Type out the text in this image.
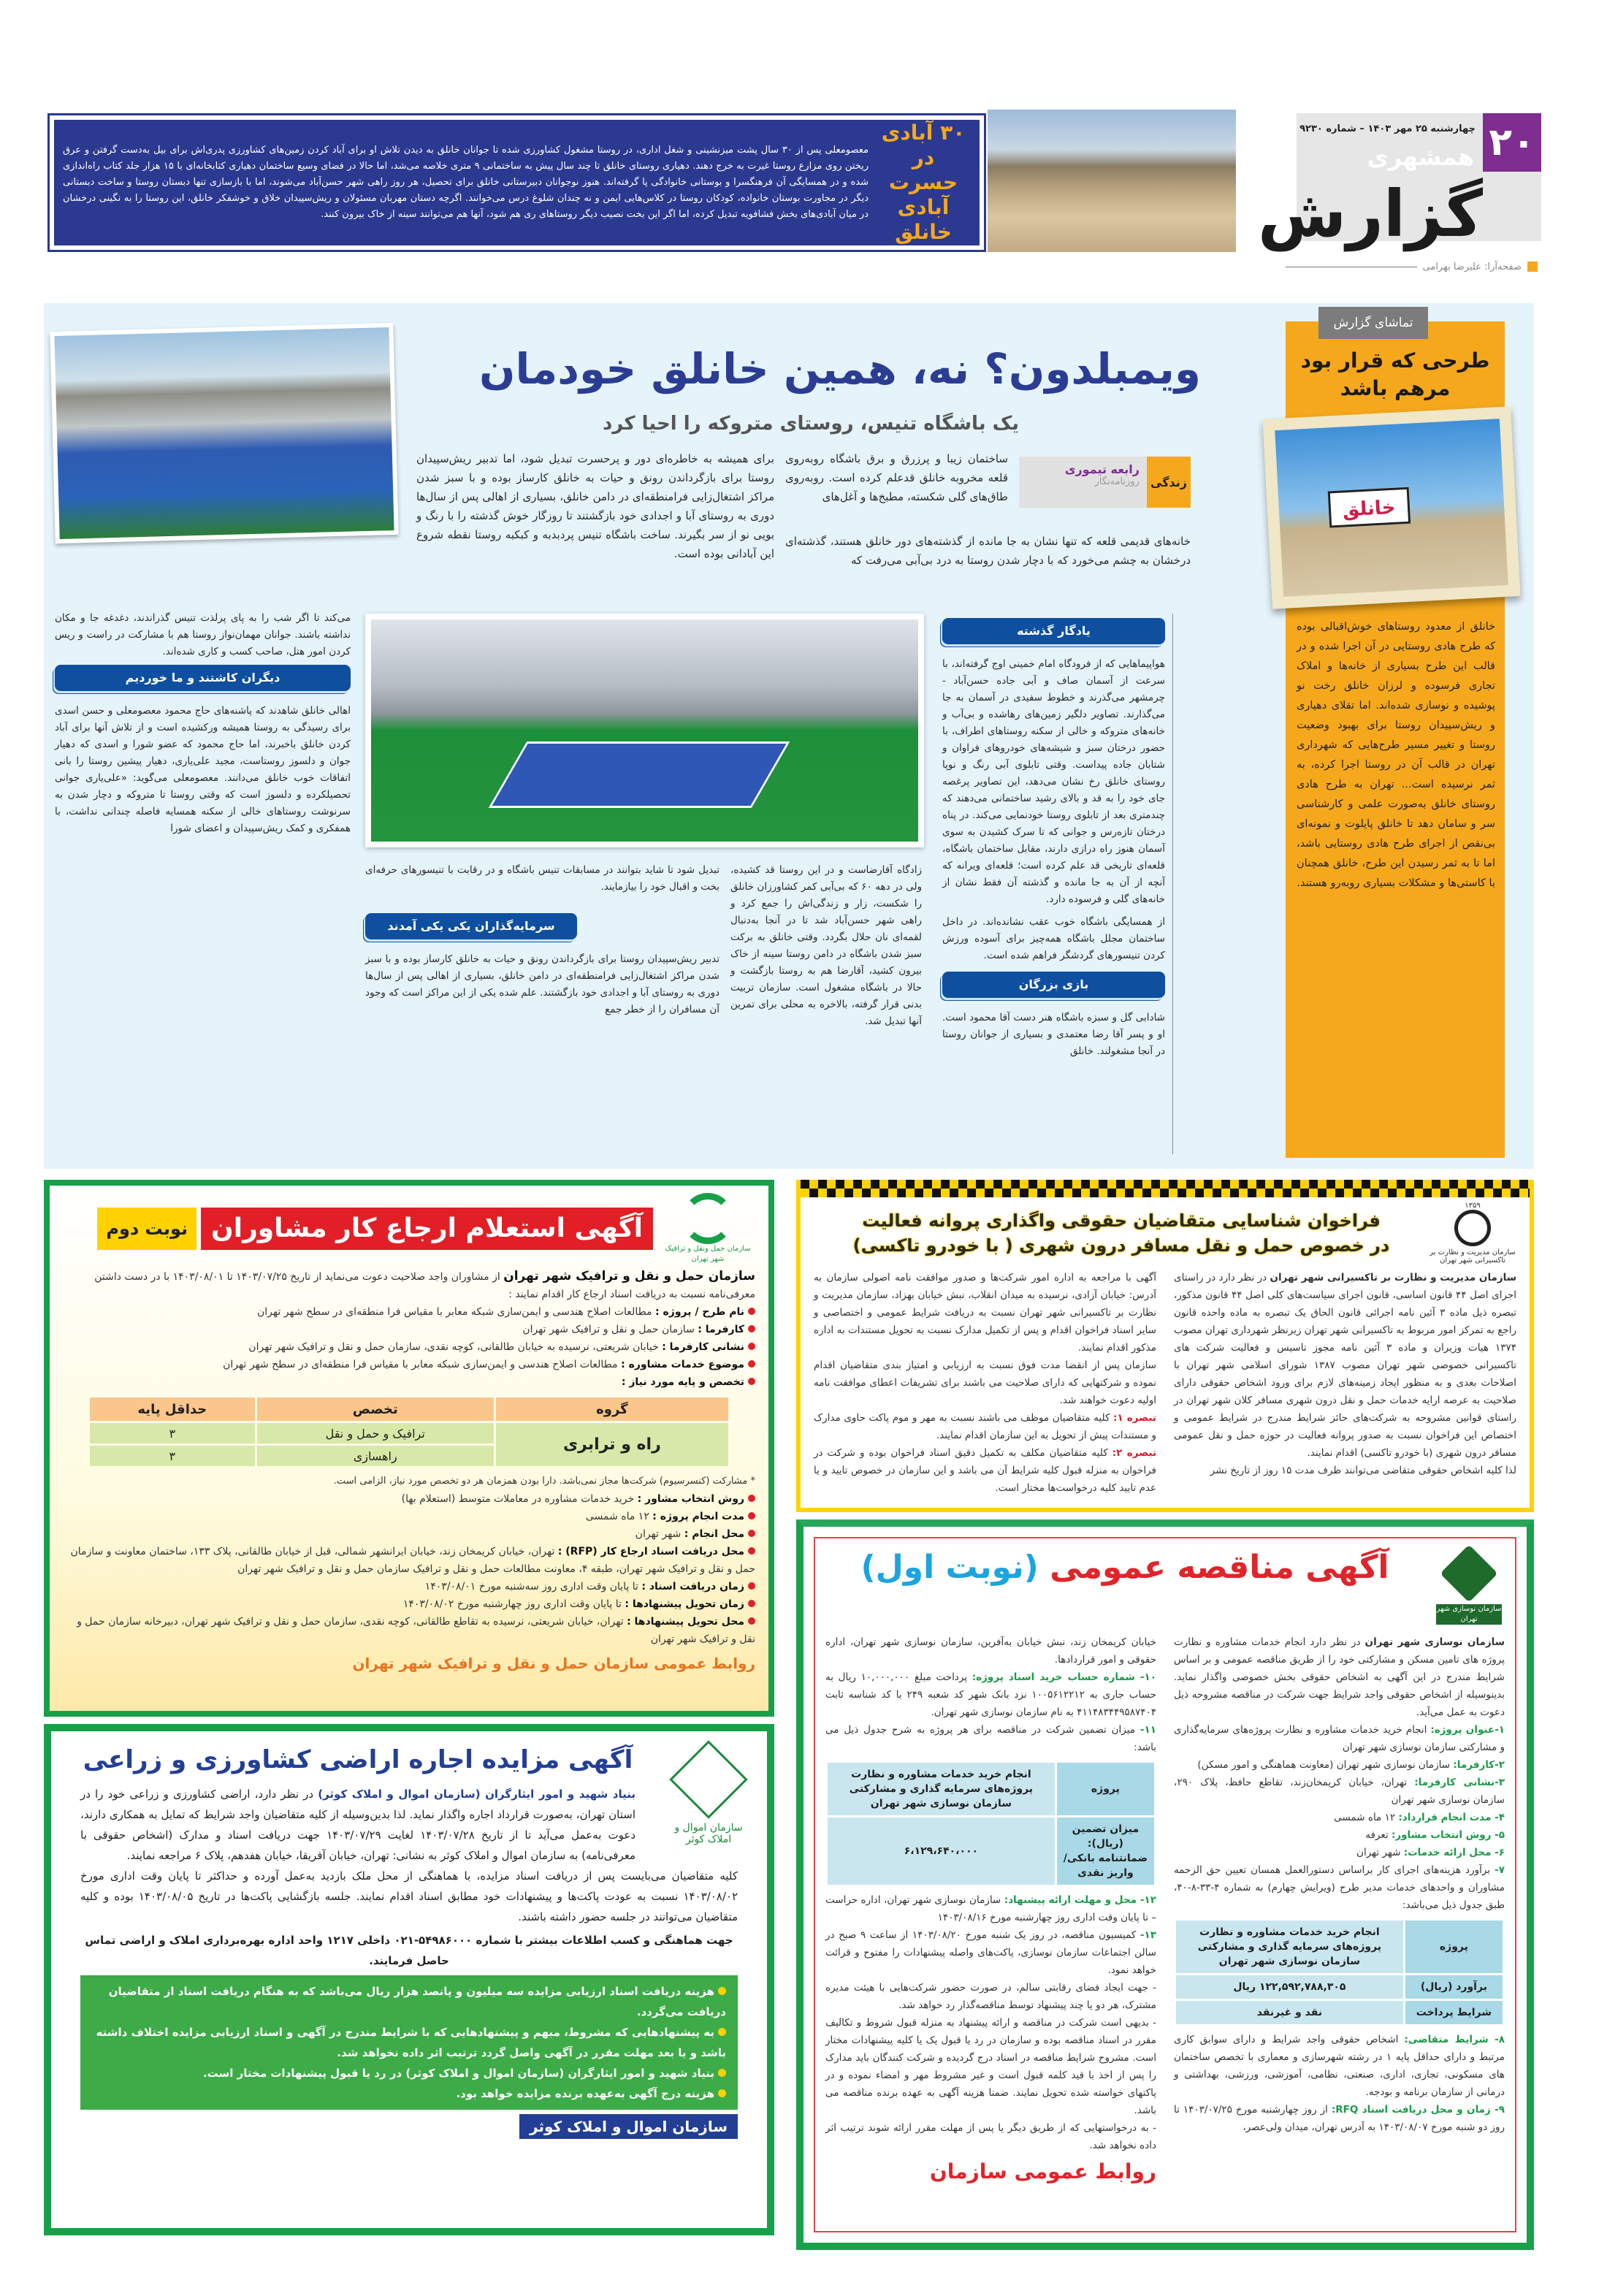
۲۰
چهارشنبه ۲۵ مهر ۱۴۰۳ – شماره ۹۲۳۰
همشهری
گزارش
صفحه‌آرا: علیرضا بهرامی
۳۰ آبادی در حسرت آبادی خانلق
معصومعلی پس از ۳۰ سال پشت میزنشینی و شغل اداری، در روستا مشغول کشاورزی شده تا جوانان خانلق به دیدن تلاش او برای آباد کردن زمین‌های کشاورزی پدری‌اش برای بیل به‌دست گرفتن و عرق ریختن روی مزارع روستا غیرت به خرج دهند. دهیاری روستای خانلق تا چند سال پیش به ساختمانی ۹ متری خلاصه می‌شد، اما حالا در فضای وسیع ساختمان دهیاری کتابخانه‌ای با ۱۵ هزار جلد کتاب راه‌اندازی شده و در همسایگی آن فرهنگسرا و بوستانی خانوادگی پا گرفته‌اند. هنوز نوجوانان دبیرستانی خانلق برای تحصیل، هر روز راهی شهر حسن‌آباد می‌شوند، اما با بازسازی تنها دبستان روستا و ساخت دبستانی دیگر در مجاورت بوستان خانواده، کودکان روستا در کلاس‌هایی ایمن و نه چندان شلوغ درس می‌خوانند. اگرچه دستان مهربان مسئولان و ریش‌سپیدان خلاق و خوشفکر خانلق، این روستا را به نگینی درخشان در میان آبادی‌های بخش فشافویه تبدیل کرده، اما اگر این بخت نصیب دیگر روستاهای ری هم شود، آنها هم می‌توانند سینه از خاک بیرون کنند.
تماشای گزارش
طرحی که قرار بود مرهم باشد
خانلق
خانلق از معدود روستاهای خوش‌اقبالی بوده که طرح هادی روستایی در آن اجرا شده و در قالب این طرح بسیاری از خانه‌ها و املاک تجاری فرسوده و لرزان خانلق رخت نو پوشیده و نوسازی شده‌اند. اما تقلای دهیاری و ریش‌سپیدان روستا برای بهبود وضعیت روستا و تغییر مسیر طرح‌هایی که شهرداری تهران در قالب آن در روستا اجرا کرده، به ثمر نرسیده است... تهران به طرح هادی روستای خانلق به‌صورت علمی و کارشناسی سر و سامان دهد تا خانلق پایلوت و نمونه‌ای بی‌نقص از اجرای طرح هادی روستایی باشد، اما تا به ثمر رسیدن این طرح، خانلق همچنان با کاستی‌ها و مشکلات بسیاری روبه‌رو هستند.
ویمبلدون؟ نه، همین خانلق خودمان
یک باشگاه تنیس، روستای متروکه را احیا کرد
زندگی
رابعه تیموری
روزنامه‌نگار

ساختمان زیبا و پرزرق و برق باشگاه روبه‌روی قلعه مخروبه خانلق قدعلم کرده است. روبه‌روی طاق‌های گلی شکسته، مطبخ‌ها و آغل‌های

خانه‌های قدیمی قلعه که تنها نشان به جا مانده از گذشته‌های دور خانلق هستند، گذشته‌ای درخشان به چشم می‌خورد که با دچار شدن روستا به درد بی‌آبی می‌رفت که

برای همیشه به خاطره‌ای دور و پرحسرت تبدیل شود، اما تدبیر ریش‌سپیدان روستا برای بازگرداندن رونق و حیات به خانلق کارساز بوده و با سبز شدن مراکز اشتغال‌زایی فرامنطقه‌ای در دامن خانلق، بسیاری از اهالی پس از سال‌ها دوری به روستای آبا و اجدادی خود بازگشتند تا روزگار خوش گذشته را با رنگ و بویی نو از سر بگیرند. ساخت باشگاه تنیس پردبدبه و کبکبه روستا نقطه شروع این آبادانی بوده است.

یادگار گذشته

هواپیماهایی که از فرودگاه امام خمینی اوج گرفته‌اند، با سرعت از آسمان صاف و آبی جاده حسن‌آباد - چرمشهر می‌گذرند و خطوط سفیدی در آسمان به جا می‌گذارند. تصاویر دلگیر زمین‌های رهاشده و بی‌آب و خانه‌های متروکه و خالی از سکنه روستاهای اطراف، با حضور درختان سبز و شیشه‌های خودروهای فراوان و شتابان جاده پیداست. وقتی تابلوی آبی رنگ و نوپا روستای خانلق رخ نشان می‌دهد، این تصاویر پرغصه جای خود را به قد و بالای رشید ساختمانی می‌دهند که چندمتری بعد از تابلوی روستا خودنمایی می‌کند. در پناه درختان تازه‌رس و جوانی که تا سرک کشیدن به سوی آسمان هنوز راه درازی دارند، مقابل ساختمان باشگاه، قلعه‌ای تاریخی قد علم کرده است؛ قلعه‌ای ویرانه که آنچه از آن به جا مانده و گذشته آن فقط نشان از خانه‌های گلی و فرسوده دارد.

از همسایگی باشگاه خوب عقب نشانده‌اند. در داخل ساختمان مجلل باشگاه همه‌چیز برای آسوده ورزش کردن تنیسورهای گردشگر فراهم شده است.

بازی بزرگان

شادابی گل و سبزه باشگاه هنر دست آقا محمود است. او و پسر آقا رضا معتمدی و بسیاری از جوانان روستا در آنجا مشغولند. خانلق

زادگاه آقارضاست و در این روستا قد کشیده، ولی در دهه ۶۰ که بی‌آبی کمر کشاورزان خانلق را شکست، زار و زندگی‌اش را جمع کرد و راهی شهر حسن‌آباد شد تا در آنجا به‌دنبال لقمه‌ای نان حلال بگردد. وقتی خانلق به برکت سبز شدن باشگاه در دامن روستا سینه از خاک بیرون کشید، آقارضا هم به روستا بازگشت و حالا در باشگاه مشغول است. سازمان تربیت بدنی قرار گرفته، بالاخره به محلی برای تمرین آنها تبدیل شد.

تبدیل شود تا شاید بتوانند در مسابقات تنیس باشگاه و در رقابت با تنیسورهای حرفه‌ای بخت و اقبال خود را بیازمایند.

سرمایه‌گذاران یکی یکی آمدند

تدبیر ریش‌سپیدان روستا برای بازگرداندن رونق و حیات به خانلق کارساز بوده و با سبز شدن مراکز اشتغال‌زایی فرامنطقه‌ای در دامن خانلق، بسیاری از اهالی پس از سال‌ها دوری به روستای آبا و اجدادی خود بازگشتند. علم شده یکی از این مراکز است که وجود آن مسافران را از خطر جمع

می‌کند تا اگر شب را به پای پرلذت تنیس گذراندند، دغدغه جا و مکان نداشته باشند. جوانان مهمان‌نواز روستا هم با مشارکت در راست و ریس کردن امور هتل، صاحب کسب و کاری شده‌اند.

دیگران کاشتند و ما خوردیم

اهالی خانلق شاهدند که پاشنه‌های حاج محمود معصومعلی و حسن اسدی برای رسیدگی به روستا همیشه ورکشیده است و از تلاش آنها برای آباد کردن خانلق باخبرند، اما حاج محمود که عضو شورا و اسدی که دهیار جوان و دلسوز روستاست، مجید علی‌یاری، دهیار پیشین روستا را بانی اتفاقات خوب خانلق می‌دانند. معصومعلی می‌گوید: «علی‌یاری جوانی تحصیلکرده و دلسوز است که وقتی روستا تا متروکه و دچار شدن به سرنوشت روستاهای خالی از سکنه همسایه فاصله چندانی نداشت، با همفکری و کمک ریش‌سپیدان و اعضای شورا

سازمان حمل ونقل و ترافیک شهر تهران
آگهی استعلام ارجاع کار مشاوران
نوبت دوم
سازمان حمل و نقل و ترافیک شهر تهران از مشاوران واجد صلاحیت دعوت می‌نماید از تاریخ ۱۴۰۳/۰۷/۲۵ تا ۱۴۰۳/۰۸/۰۱ با در دست داشتن معرفی‌نامه نسبت به دریافت اسناد ارجاع کار اقدام نمایند :
نام طرح / پروژه : مطالعات اصلاح هندسی و ایمن‌سازی شبکه معابر با مقیاس فرا منطقه‌ای در سطح شهر تهران
کارفرما : سازمان حمل و نقل و ترافیک شهر تهران
نشانی کارفرما : خیابان شریعتی، نرسیده به خیابان طالقانی، کوچه نقدی، سازمان حمل و نقل و ترافیک شهر تهران
موضوع خدمات مشاوره : مطالعات اصلاح هندسی و ایمن‌سازی شبکه معابر با مقیاس فرا منطقه‌ای در سطح شهر تهران
تخصص و پایه مورد نیاز :
گروه	تخصص	حداقل پایه
راه و ترابری	ترافیک و حمل و نقل	۳
	راهسازی	۳
* مشارکت (کنسرسیوم) شرکت‌ها مجاز نمی‌باشد. دارا بودن همزمان هر دو تخصص مورد نیاز، الزامی است.
روش انتخاب مشاور : خرید خدمات مشاوره در معاملات متوسط (استعلام بها)
مدت انجام پروژه : ۱۲ ماه شمسی
محل انجام : شهر تهران
محل دریافت اسناد ارجاع کار (RFP) : تهران، خیابان کریمخان زند، خیابان ایرانشهر شمالی، قبل از خیابان طالقانی، پلاک ۱۳۳، ساختمان معاونت و سازمان حمل و نقل و ترافیک شهر تهران، طبقه ۴، معاونت مطالعات حمل و نقل و ترافیک سازمان حمل و نقل و ترافیک شهر تهران
زمان دریافت اسناد : تا پایان وقت اداری روز سه‌شنبه مورخ ۱۴۰۳/۰۸/۰۱
زمان تحویل پیشنهادها : تا پایان وقت اداری روز چهارشنبه مورخ ۱۴۰۳/۰۸/۰۲
محل تحویل پیشنهادها : تهران، خیابان شریعتی، نرسیده به تقاطع طالقانی، کوچه نقدی، سازمان حمل و نقل و ترافیک شهر تهران، دبیرخانه سازمان حمل و نقل و ترافیک شهر تهران
روابط عمومی سازمان حمل و نقل و ترافیک شهر تهران
۱۳۵۹
سازمان مدیریت و نظارت بر تاکسیرانی شهر تهران
فراخوان شناسایی متقاضیان حقوقی واگذاری پروانه فعالیت
در خصوص حمل و نقل مسافر درون شهری ( با خودرو تاکسی)
سازمان مدیریت و نظارت بر تاکسیرانی شهر تهران در نظر دارد در راستای اجرای اصل ۴۴ قانون اساسی، قانون اجرای سیاست‌های کلی اصل ۴۴ قانون مذکور، تبصره ذیل ماده ۳ آئین نامه اجرائی قانون الحاق یک تبصره به ماده واحده قانون راجع به تمرکز امور مربوط به تاکسیرانی شهر تهران زیرنظر شهرداری تهران مصوب ۱۳۷۴ هیات وزیران و ماده ۳ آئین نامه مجوز تاسیس و فعالیت شرکت های تاکسیرانی خصوصی شهر تهران مصوب ۱۳۸۷ شورای اسلامی شهر تهران با اصلاحات بعدی و به منظور ایجاد زمینه‌های لازم برای ورود اشخاص حقوقی دارای صلاحیت به عرصه ارایه خدمات حمل و نقل درون شهری مسافر کلان شهر تهران در راستای قوانین مشروحه به شرکت‌های حائز شرایط مندرج در شرایط عمومی و اختصاص این فراخوان نسبت به صدور پروانه فعالیت در حوزه حمل و نقل عمومی مسافر درون شهری (با خودرو تاکسی) اقدام نمایند.
لذا کلیه اشخاص حقوقی متقاضی می‌توانند ظرف مدت ۱۵ روز از تاریخ نشر
آگهی با مراجعه به اداره امور شرکت‌ها و صدور موافقت نامه اصولی سازمان به آدرس: خیابان آزادی، نرسیده به میدان انقلاب، نبش خیابان بهزاد، سازمان مدیریت و نظارت بر تاکسیرانی شهر تهران نسبت به دریافت شرایط عمومی و اختصاصی و سایر اسناد فراخوان اقدام و پس از تکمیل مدارک نسبت به تحویل مستندات به اداره مذکور اقدام نمایند.
سازمان پس از انقضا مدت فوق نسبت به ارزیابی و امتیاز بندی متقاضیان اقدام نموده و شرکتهایی که دارای صلاحیت می باشند برای تشریفات اعطای موافقت نامه اولیه دعوت خواهند شد.
تبصره ۱: کلیه متقاضیان موظف می باشند نسبت به مهر و موم پاکت حاوی مدارک و مستندات پیش از تحویل به این سازمان اقدام نمایند.
تبصره ۲: کلیه متقاضیان مکلف به تکمیل دقیق اسناد فراخوان بوده و شرکت در فراخوان به منزله قبول کلیه شرایط آن می باشد و این سازمان در خصوص تایید و یا عدم تایید کلیه درخواست‌ها مختار است.
سازمان نوسازی شهر تهران
آگهی مناقصه عمومی (نوبت اول)
سازمان نوسازی شهر تهران در نظر دارد انجام خدمات مشاوره و نظارت پروژه های تامین مسکن و مشارکتی خود را از طریق مناقصه عمومی و بر اساس شرایط مندرج در این آگهی به اشخاص حقوقی بخش خصوصی واگذار نماید. بدینوسیله از اشخاص حقوقی واجد شرایط جهت شرکت در مناقصه مشروحه ذیل دعوت به عمل می‌آید.
۱-عنوان پروژه: انجام خرید خدمات مشاوره و نظارت پروژه‌های سرمایه‌گذاری و مشارکتی سازمان نوسازی شهر تهران
۲-کارفرما: سازمان نوسازی شهر تهران (معاونت هماهنگی و امور مسکن)
۳-نشانی کارفرما: تهران، خیابان کریمخان‌زند، تقاطع حافظ، پلاک ۲۹۰، سازمان نوسازی شهر تهران
۴- مدت انجام قرارداد: ۱۲ ماه شمسی
۵- روش انتخاب مشاور: تعرفه
۶- محل ارائه خدمات: شهر تهران
۷- برآورد هزینه‌های اجرای کار براساس دستورالعمل همسان تعیین حق الزحمه مشاوران و واحدهای خدمات مدیر طرح (ویرایش چهارم) به شماره ۴-۳۳-۸-۴۰، طبق جدول ذیل می‌باشد:
پروژه	انجام خرید خدمات مشاوره و نظارت پروژه‌های سرمایه گذاری و مشارکتی سازمان نوسازی شهر تهران
برآورد (ریال)	۱۲۲,۵۹۲,۷۸۸,۳۰۵ ریال
شرایط پرداخت	نقد و غیرنقد
۸- شرایط متقاضی: اشخاص حقوقی واجد شرایط و دارای سوابق کاری مرتبط و دارای حداقل پایه ۱ در رشته شهرسازی و معماری با تخصص ساختمان های مسکونی، تجاری، اداری، صنعتی، نظامی، آموزشی، ورزشی، بهداشتی و درمانی از سازمان برنامه و بودجه.
۹- زمان و محل دریافت اسناد RFQ: از روز چهارشنبه مورخ ۱۴۰۳/۰۷/۲۵ تا روز دو شنبه مورخ ۱۴۰۳/۰۸/۰۷ به آدرس تهران، میدان ولی‌عصر،
خیابان کریمخان زند، نبش خیابان به‌آفرین، سازمان نوسازی شهر تهران، اداره حقوقی و امور قراردادها.
۱۰- شماره حساب خرید اسناد پروژه: پرداخت مبلغ ۱۰,۰۰۰,۰۰۰ ریال به حساب جاری به ۱۰۰۵۶۱۲۲۱۲ نزد بانک شهر کد شعبه ۲۴۹ با کد شناسه ثابت ۴۱۱۴۸۳۴۴۹۵۸۷۴۰۴ به نام سازمان نوسازی شهر تهران.
۱۱- میزان تضمین شرکت در مناقصه برای هر پروژه به شرح جدول ذیل می باشد:
پروژه	انجام خرید خدمات مشاوره و نظارت پروژه‌های سرمایه گذاری و مشارکتی سازمان نوسازی شهر تهران
میزان تضمین (ریال): ضمانتنامه بانکی/ واریز نقدی	۶،۱۲۹،۶۴۰،۰۰۰
۱۲- محل و مهلت ارائه پیشنهاد: سازمان نوسازی شهر تهران، اداره حراست – تا پایان وقت اداری روز چهارشنبه مورخ ۱۴۰۳/۰۸/۱۶
۱۳- کمیسیون مناقصه، در روز یک شنبه مورخ ۱۴۰۳/۰۸/۲۰ از ساعت ۹ صبح در سالن اجتماعات سازمان نوسازی، پاکت‌های واصله پیشنهادات را مفتوح و قرائت خواهد نمود.
- جهت ایجاد فضای رقابتی سالم، در صورت حضور شرکت‌هایی با هیئت مدیره مشترک، هر دو یا چند پیشنهاد توسط مناقصه‌گذار رد خواهد شد.
- بدیهی است شرکت در مناقصه و ارائه پیشنهاد به منزله قبول شروط و تکالیف مقرر در اسناد مناقصه بوده و سازمان در رد یا قبول یک یا کلیه پیشنهادات مختار است. مشروح شرایط مناقصه در اسناد درج گردیده و شرکت کنندگان باید مدارک را پس از اخذ با قید کلمه قبول است و غیر مشروط مهر و امضاء نموده و در پاکتهای خواسته شده تحویل نمایند. ضمنا هزینه آگهی به عهده برنده مناقصه می باشد.
- به درخواستهایی که از طریق دیگر یا پس از مهلت مقرر ارائه شوند ترتیب اثر داده نخواهد شد.
روابط عمومی سازمان
سازمان اموال و املاک کوثر
آگهی مزایده اجاره اراضی کشاورزی و زراعی
بنیاد شهید و امور ایثارگران (سازمان اموال و املاک کوثر) در نظر دارد، اراضی کشاورزی و زراعی خود را در استان تهران، به‌صورت قرارداد اجاره واگذار نماید. لذا بدین‌وسیله از کلیه متقاضیان واجد شرایط که تمایل به همکاری دارند، دعوت به‌عمل می‌آید تا از تاریخ ۱۴۰۳/۰۷/۲۸ لغایت ۱۴۰۳/۰۷/۲۹ جهت دریافت اسناد و مدارک (اشخاص حقوقی با معرفی‌نامه) به سازمان اموال و املاک کوثر به نشانی: تهران، خیابان آفریقا، خیابان هفدهم، پلاک ۶ مراجعه نمایند.
کلیه متقاضیان می‌بایست پس از دریافت اسناد مزایده، با هماهنگی از محل ملک بازدید به‌عمل آورده و حداکثر تا پایان وقت اداری مورخ ۱۴۰۳/۰۸/۰۲ نسبت به عودت پاکت‌ها و پیشنهادات خود مطابق اسناد اقدام نمایند. جلسه بازگشایی پاکت‌ها در تاریخ ۱۴۰۳/۰۸/۰۵ بوده و کلیه متقاضیان می‌توانند در جلسه حضور داشته باشند.
جهت هماهنگی و کسب اطلاعات بیشتر با شماره ۵۴۹۸۶۰۰۰-۰۲۱ داخلی ۱۲۱۷ واحد اداره بهره‌برداری املاک و اراضی تماس حاصل فرمایند.
هزینه دریافت اسناد ارزیابی مزایده سه میلیون و پانصد هزار ریال می‌باشد که به هنگام دریافت اسناد از متقاضیان دریافت می‌گردد.
به پیشنهادهایی که مشروط، مبهم و پیشنهادهایی که با شرایط مندرج در آگهی و اسناد ارزیابی مزایده اختلاف داشته باشد و یا بعد مهلت مقرر در آگهی واصل گردد ترتیب اثر داده نخواهد شد.
بنیاد شهید و امور ایثارگران (سازمان اموال و املاک کوثر) در رد یا قبول پیشنهادات مختار است.
هزینه درج آگهی به‌عهده برنده مزایده خواهد بود.
سازمان اموال و املاک کوثر
